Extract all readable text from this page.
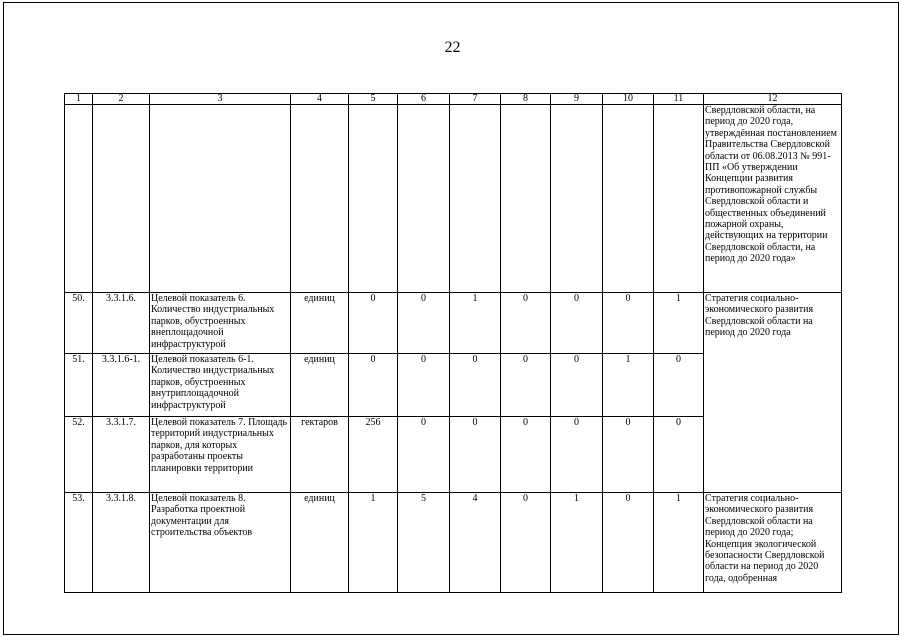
22
1	2	3	4	5	6	7	8	9	10	11	12
											Свердловской области, на период до 2020 года, утверждённая постановлением Правительства Свердловской области от 06.08.2013 № 991-ПП «Об утверждении Концепции развития противопожарной службы Свердловской области и общественных объединений пожарной охраны, действующих на территории Свердловской области, на период до 2020 года»
50.	3.3.1.6.	Целевой показатель 6. Количество индустриальных парков, обустроенных внеплощадочной инфраструктурой	единиц	0	0	1	0	0	0	1	Стратегия социально-экономического развития Свердловской области на период до 2020 года
51.	3.3.1.6-1.	Целевой показатель 6-1. Количество индустриальных парков, обустроенных внутриплощадочной инфраструктурой	единиц	0	0	0	0	0	1	0	
52.	3.3.1.7.	Целевой показатель 7. Площадь территорий индустриальных парков, для которых разработаны проекты планировки территории	гектаров	256	0	0	0	0	0	0	
53.	3.3.1.8.	Целевой показатель 8. Разработка проектной документации для строительства объектов	единиц	1	5	4	0	1	0	1	Стратегия социально-экономического развития Свердловской области на период до 2020 года; Концепция экологической безопасности Свердловской области на период до 2020 года, одобренная
